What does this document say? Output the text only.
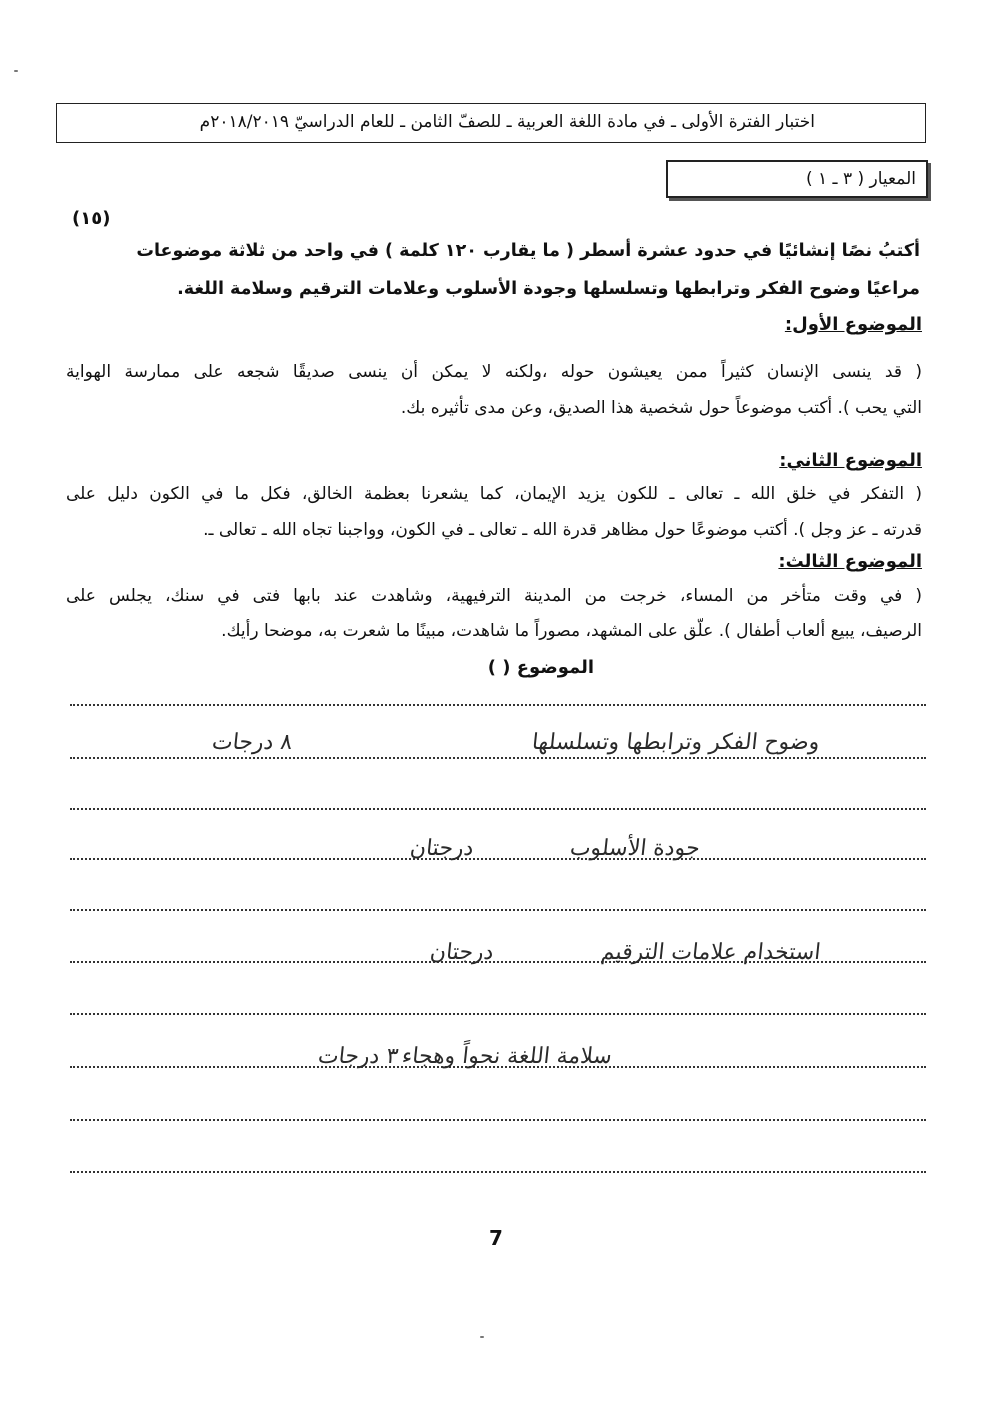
اختبار الفترة الأولى ـ في مادة اللغة العربية ـ للصفّ الثامن ـ للعام الدراسيّ ٢٠١٨/٢٠١٩م
المعيار ( ٣ ـ ١ )
(١٥)
أكتبُ نصًا إنشائيًا في حدود عشرة أسطر ( ما يقارب ١٢٠ كلمة ) في واحد من ثلاثة موضوعات
مراعيًا وضوح الفكر وترابطها وتسلسلها وجودة الأسلوب وعلامات الترقيم وسلامة اللغة.
الموضوع الأول:
( قد ينسى الإنسان كثيراً ممن يعيشون حوله ،ولكنه لا يمكن أن ينسى صديقًا شجعه على ممارسة الهواية
التي يحب ). أكتب موضوعاً حول شخصية هذا الصديق، وعن مدى تأثيره بك.
الموضوع الثاني:
( التفكر في خلق الله ـ تعالى ـ للكون يزيد الإيمان، كما يشعرنا بعظمة الخالق، فكل ما في الكون دليل على
قدرته ـ عز وجل ). أكتب موضوعًا حول مظاهر قدرة الله ـ تعالى ـ في الكون، وواجبنا تجاه الله ـ تعالى ـ.
الموضوع الثالث:
( في وقت متأخر من المساء، خرجت من المدينة الترفيهية، وشاهدت عند بابها فتى في سنك، يجلس على
الرصيف، يبيع ألعاب أطفال ). علّق على المشهد، مصوراً ما شاهدت، مبينًا ما شعرت به، موضحا رأيك.
الموضوع ( )
وضوح الفكر وترابطها وتسلسلها
٨ درجات
جودة الأسلوب
درجتان
استخدام علامات الترقيم
درجتان
سلامة اللغة نحواً وهجاء
٣ درجات
7
